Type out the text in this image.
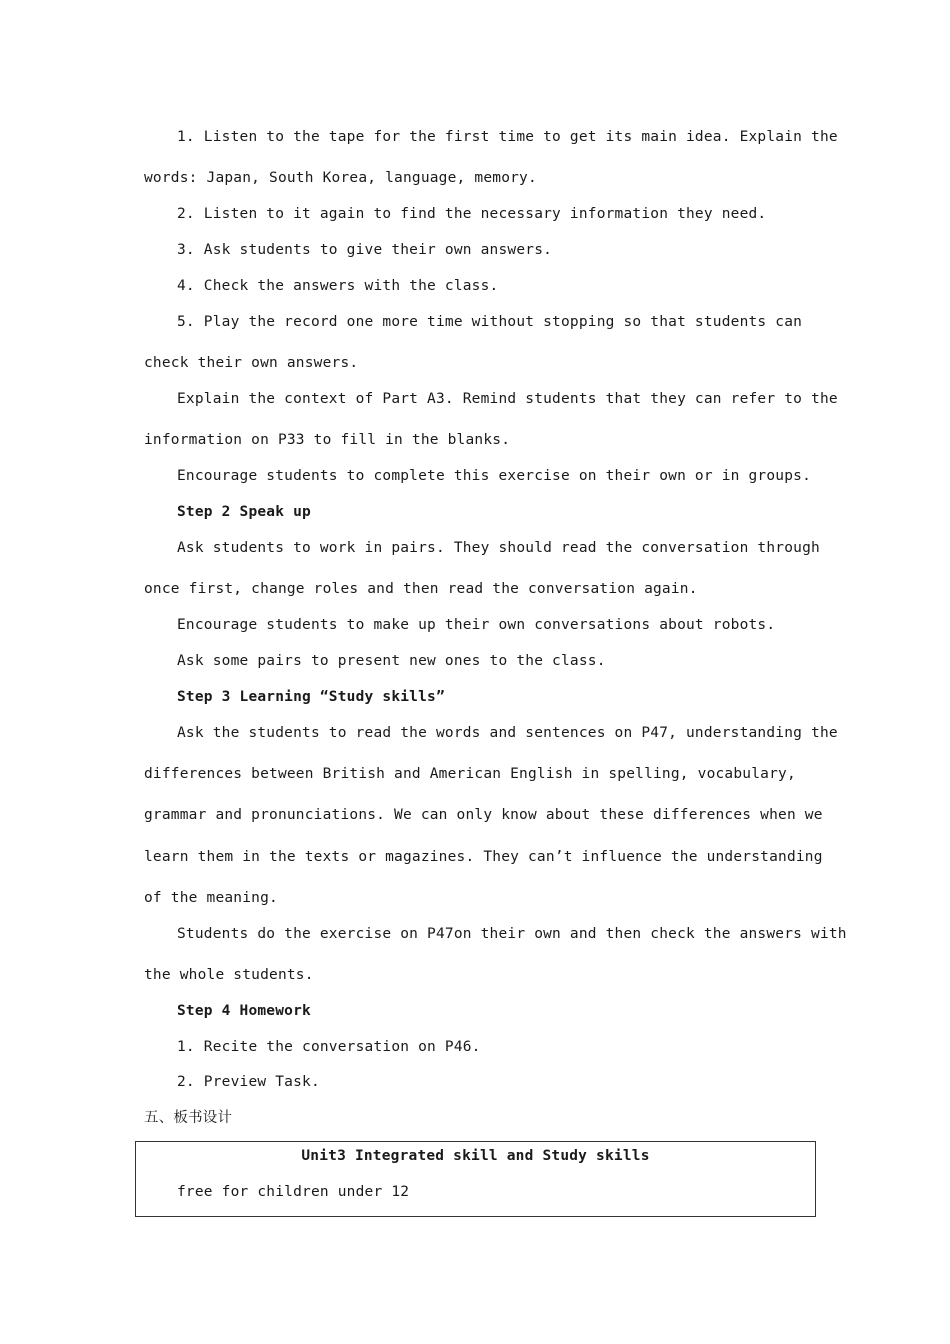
1. Listen to the tape for the first time to get its main idea. Explain the
words: Japan, South Korea, language, memory.
2. Listen to it again to find the necessary information they need.
3. Ask students to give their own answers.
4. Check the answers with the class.
5. Play the record one more time without stopping so that students can
check their own answers.
Explain the context of Part A3. Remind students that they can refer to the
information on P33 to fill in the blanks.
Encourage students to complete this exercise on their own or in groups.
Step 2 Speak up
Ask students to work in pairs. They should read the conversation through
once first, change roles and then read the conversation again.
Encourage students to make up their own conversations about robots.
Ask some pairs to present new ones to the class.
Step 3 Learning “Study skills”
Ask the students to read the words and sentences on P47, understanding the
differences between British and American English in spelling, vocabulary,
grammar and pronunciations. We can only know about these differences when we
learn them in the texts or magazines. They can’t influence the understanding
of the meaning.
Students do the exercise on P47on their own and then check the answers with
the whole students.
Step 4 Homework
1. Recite the conversation on P46.
2. Preview Task.
五、板书设计
Unit3 Integrated skill and Study skills
free for children under 12
